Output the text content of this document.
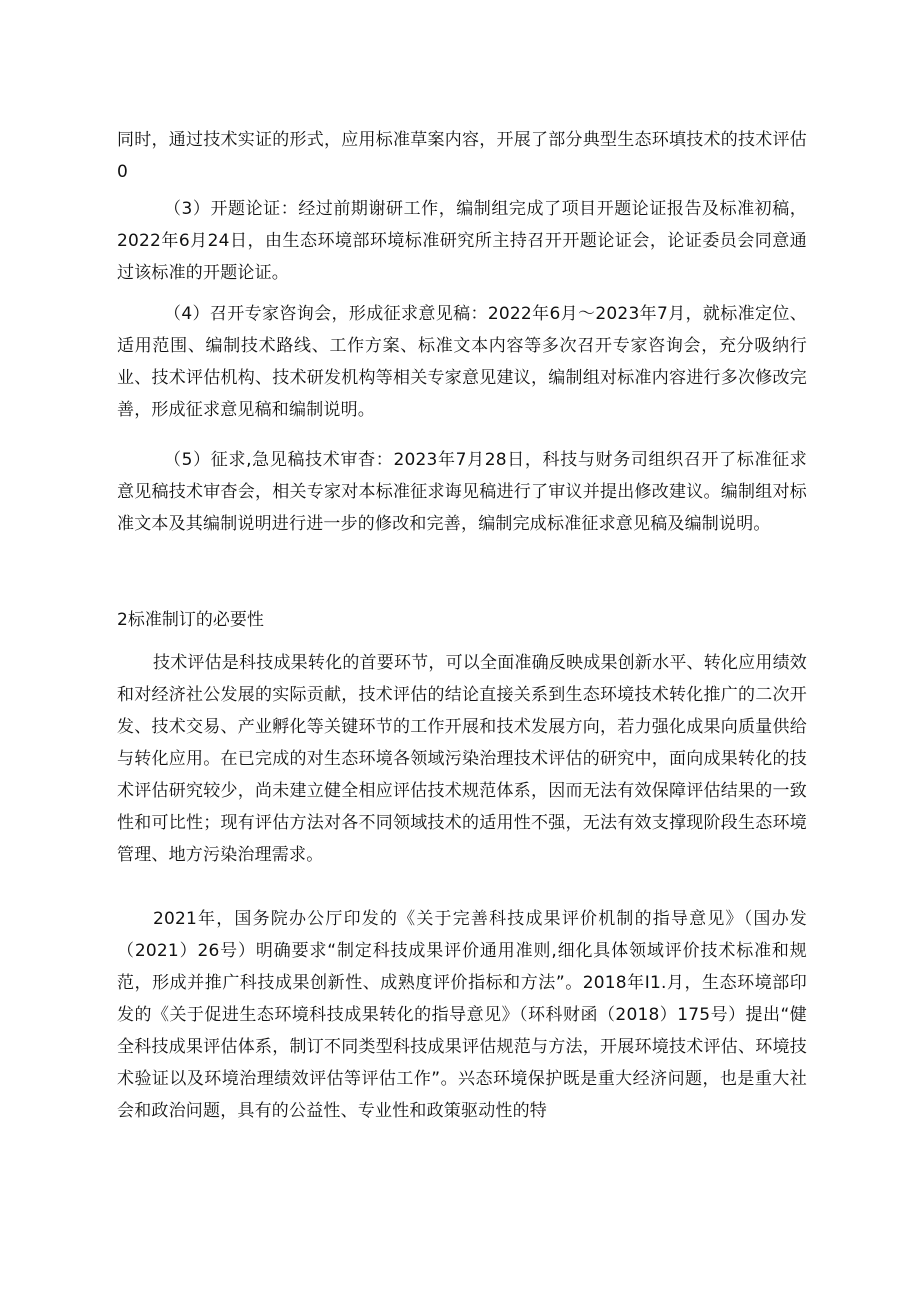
同时，通过技术实证的形式，应用标准草案内容，开展了部分典型生态环填技术的技术评估0

（3）开题论证：经过前期谢研工作，编制组完成了项目开题论证报告及标准初稿，2022年6月24日，由生态环境部环境标准研究所主持召开开题论证会，论证委员会同意通过该标准的开题论证。

（4）召开专家咨询会，形成征求意见稿：2022年6月～2023年7月，就标准定位、适用范围、编制技术路线、工作方案、标准文本内容等多次召开专家咨询会，充分吸纳行业、技术评估机构、技术研发机构等相关专家意见建议，编制组对标准内容进行多次修改完善，形成征求意见稿和编制说明。

（5）征求,急见稿技术审杳：2023年7月28日，科技与财务司组织召开了标准征求意见稿技术审杳会，相关专家对本标准征求诲见稿进行了审议并提出修改建议。编制组对标准文本及其编制说明进行进一步的修改和完善，编制完成标准征求意见稿及编制说明。

2标准制订的必要性

技术评估是科技成果转化的首要环节，可以全面准确反映成果创新水平、转化应用绩效和对经济社公发展的实际贡献，技术评估的结论直接关系到生态环境技术转化推广的二次开发、技术交易、产业孵化等关键环节的工作开展和技术发展方向，若力强化成果向质量供给与转化应用。在已完成的对生态环境各领域污染治理技术评估的研究中，面向成果转化的技术评估研究较少，尚未建立健全相应评估技术规范体系，因而无法有效保障评估结果的一致性和可比性；现有评估方法对各不同领域技术的适用性不强，无法有效支撑现阶段生态环境管理、地方污染治理需求。

2021年，国务院办公厅印发的《关于完善科技成果评价机制的指导意见》（国办发（2021）26号）明确要求“制定科技成果评价通用准则,细化具体领域评价技术标准和规范，形成并推广科技成果创新性、成熟度评价指标和方法”。2018年I1.月，生态环境部印发的《关于促进生态环境科技成果转化的指导意见》（环科财函（2018）175号）提出“健全科技成果评估体系，制订不同类型科技成果评估规范与方法，开展环境技术评估、环境技术验证以及环境治理绩效评估等评估工作”。兴态环境保护既是重大经济问题，也是重大社会和政治问题，具有的公益性、专业性和政策驱动性的特
